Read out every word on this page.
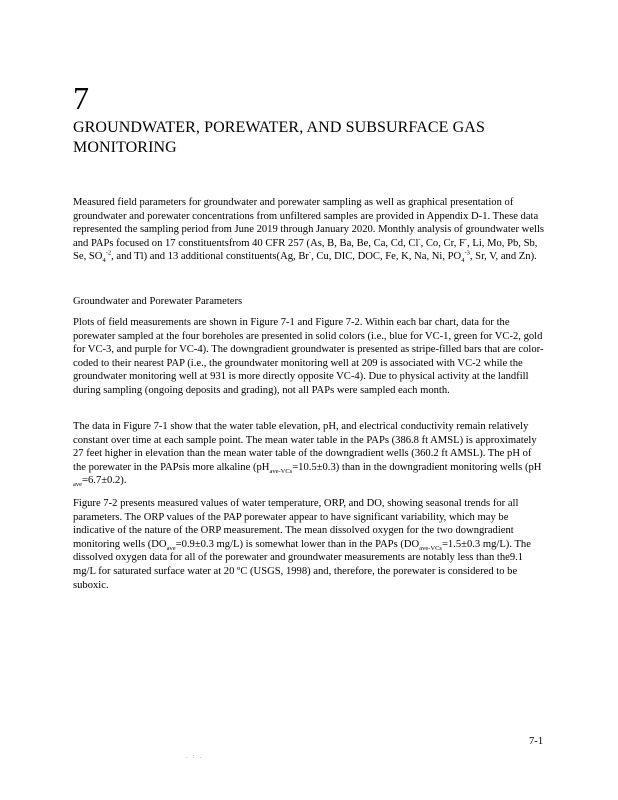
7
GROUNDWATER, POREWATER, AND SUBSURFACE GAS MONITORING

Measured field parameters for groundwater and porewater sampling as well as graphical presentation of groundwater and porewater concentrations from unfiltered samples are provided in Appendix D-1. These data represented the sampling period from June 2019 through January 2020. Monthly analysis of groundwater wells and PAPs focused on 17 constituentsfrom 40 CFR 257 (As, B, Ba, Be, Ca, Cd, Cl-, Co, Cr, F-, Li, Mo, Pb, Sb, Se, $SO_4^{-2}$, and Tl) and 13 additional constituents(Ag, Br-, Cu, DIC, DOC, Fe, K, Na, Ni, $PO_4^{-3}$, Sr, V, and Zn).

Groundwater and Porewater Parameters

Plots of field measurements are shown in Figure 7-1 and Figure 7-2. Within each bar chart, data for the porewater sampled at the four boreholes are presented in solid colors (i.e., blue for VC-1, green for VC-2, gold for VC-3, and purple for VC-4). The downgradient groundwater is presented as stripe-filled bars that are color-coded to their nearest PAP (i.e., the groundwater monitoring well at 209 is associated with VC-2 while the groundwater monitoring well at 931 is more directly opposite VC-4). Due to physical activity at the landfill during sampling (ongoing deposits and grading), not all PAPs were sampled each month.

The data in Figure 7-1 show that the water table elevation, pH, and electrical conductivity remain relatively constant over time at each sample point. The mean water table in the PAPs (386.8 ft AMSL) is approximately 27 feet higher in elevation than the mean water table of the downgradient wells (360.2 ft AMSL). The pH of the porewater in the PAPsis more alkaline $(pH_{ave-VCs}=10.5\pm 0.3)$ than in the downgradient monitoring wells (pH $_{ave}$=6.7±0.2).

Figure 7-2 presents measured values of water temperature, ORP, and DO, showing seasonal trends for all parameters. The ORP values of the PAP porewater appear to have significant variability, which may be indicative of the nature of the ORP measurement. The mean dissolved oxygen for the two downgradient monitoring wells ($DO_{ave}=0.9\pm 0.3$ mg/L) is somewhat lower than in the PAPs ($DO_{ave-VCs}=1.5\pm 0.3$ mg/L). The dissolved oxygen data for all of the porewater and groundwater measurements are notably less than the9.1 mg/L for saturated surface water at 20 ºC (USGS, 1998) and, therefore, the porewater is considered to be suboxic.

7-1
. : .
